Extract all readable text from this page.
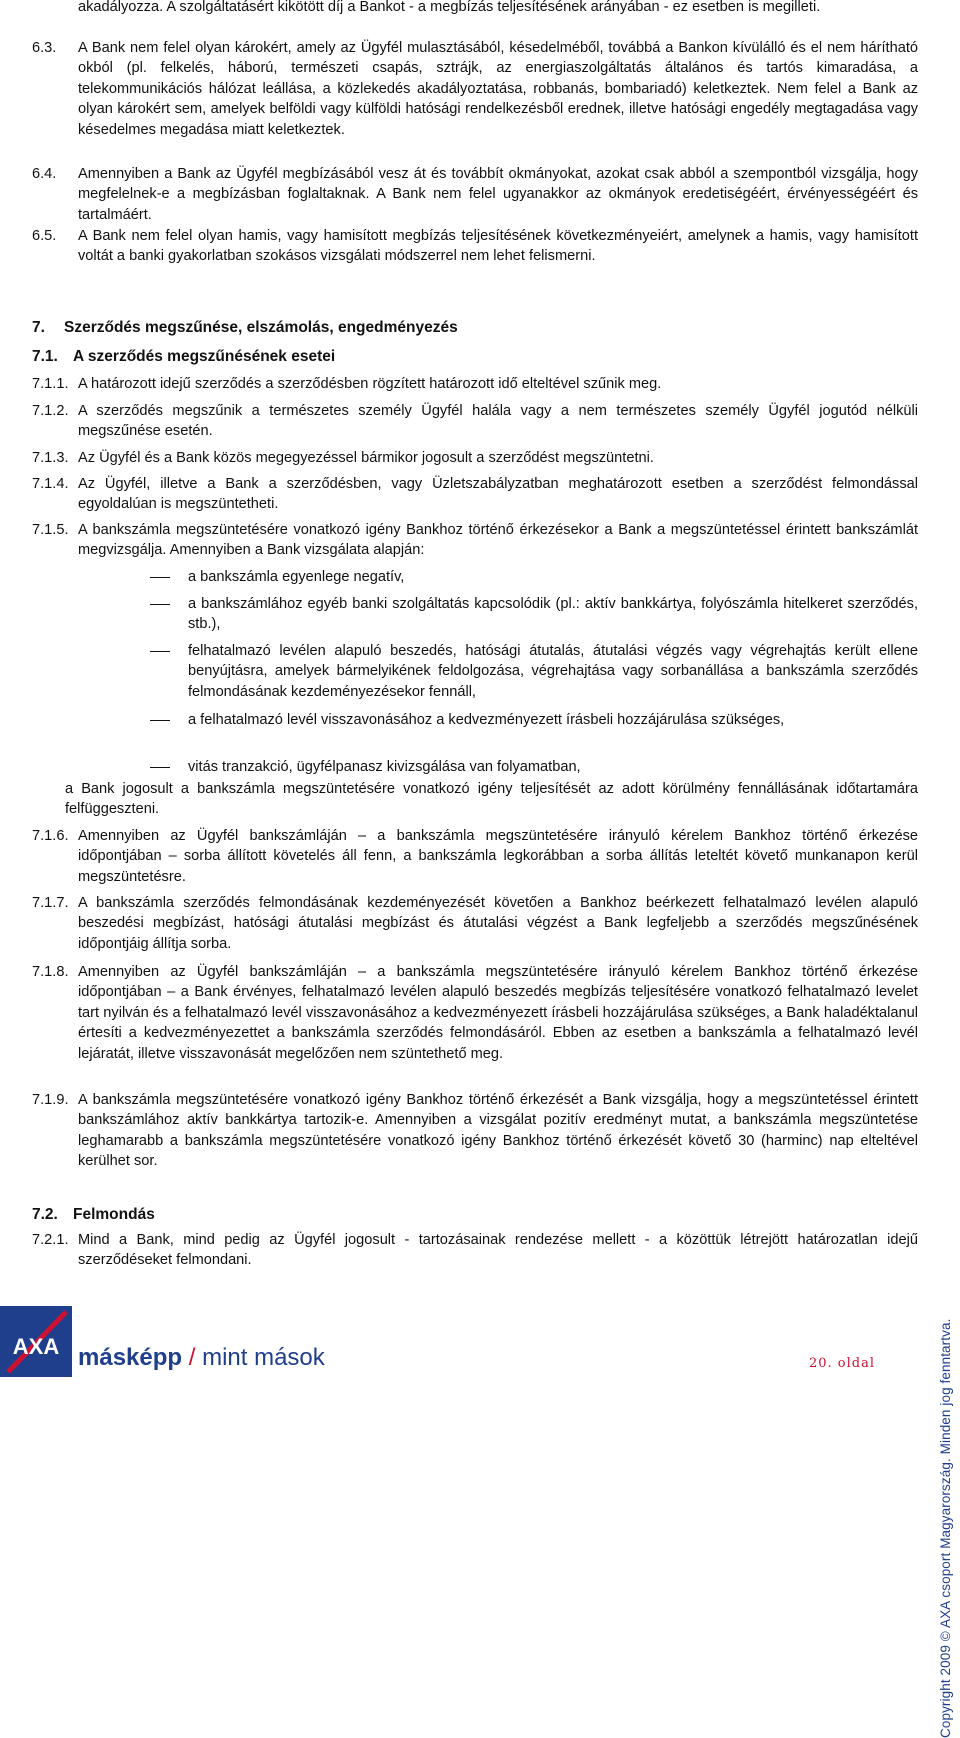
akadályozza. A szolgáltatásért kikötött díj a Bankot - a megbízás teljesítésének arányában - ez esetben is megilleti.
6.3. A Bank nem felel olyan károkért, amely az Ügyfél mulasztásából, késedelméből, továbbá a Bankon kívülálló és el nem hárítható okból (pl. felkelés, háború, természeti csapás, sztrájk, az energiaszolgáltatás általános és tartós kimaradása, a telekommunikációs hálózat leállása, a közlekedés akadályoztatása, robbanás, bombariadó) keletkeztek. Nem felel a Bank az olyan károkért sem, amelyek belföldi vagy külföldi hatósági rendelkezésből erednek, illetve hatósági engedély megtagadása vagy késedelmes megadása miatt keletkeztek.
6.4. Amennyiben a Bank az Ügyfél megbízásából vesz át és továbbít okmányokat, azokat csak abból a szempontból vizsgálja, hogy megfelelnek-e a megbízásban foglaltaknak. A Bank nem felel ugyanakkor az okmányok eredetiségéért, érvényességéért és tartalmáért.
6.5. A Bank nem felel olyan hamis, vagy hamisított megbízás teljesítésének következményeiért, amelynek a hamis, vagy hamisított voltát a banki gyakorlatban szokásos vizsgálati módszerrel nem lehet felismerni.
7. Szerződés megszűnése, elszámolás, engedményezés
7.1. A szerződés megszűnésének esetei
7.1.1. A határozott idejű szerződés a szerződésben rögzített határozott idő elteltével szűnik meg.
7.1.2. A szerződés megszűnik a természetes személy Ügyfél halála vagy a nem természetes személy Ügyfél jogutód nélküli megszűnése esetén.
7.1.3. Az Ügyfél és a Bank közös megegyezéssel bármikor jogosult a szerződést megszüntetni.
7.1.4. Az Ügyfél, illetve a Bank a szerződésben, vagy Üzletszabályzatban meghatározott esetben a szerződést felmondással egyoldalúan is megszüntetheti.
7.1.5. A bankszámla megszüntetésére vonatkozó igény Bankhoz történő érkezésekor a Bank a megszüntetéssel érintett bankszámlát megvizsgálja. Amennyiben a Bank vizsgálata alapján:
a bankszámla egyenlege negatív,
a bankszámlához egyéb banki szolgáltatás kapcsolódik (pl.: aktív bankkártya, folyószámla hitelkeret szerződés, stb.),
felhatalmazó levélen alapuló beszedés, hatósági átutalás, átutalási végzés vagy végrehajtás került ellene benyújtásra, amelyek bármelyikének feldolgozása, végrehajtása vagy sorbanállása a bankszámla szerződés felmondásának kezdeményezésekor fennáll,
a felhatalmazó levél visszavonásához a kedvezményezett írásbeli hozzájárulása szükséges,
vitás tranzakció, ügyfélpanasz kivizsgálása van folyamatban,
a Bank jogosult a bankszámla megszüntetésére vonatkozó igény teljesítését az adott körülmény fennállásának időtartamára felfüggeszteni.
7.1.6. Amennyiben az Ügyfél bankszámláján – a bankszámla megszüntetésére irányuló kérelem Bankhoz történő érkezése időpontjában – sorba állított követelés áll fenn, a bankszámla legkorábban a sorba állítás leteltét követő munkanapon kerül megszüntetésre.
7.1.7. A bankszámla szerződés felmondásának kezdeményezését követően a Bankhoz beérkezett felhatalmazó levélen alapuló beszedési megbízást, hatósági átutalási megbízást és átutalási végzést a Bank legfeljebb a szerződés megszűnésének időpontjáig állítja sorba.
7.1.8. Amennyiben az Ügyfél bankszámláján – a bankszámla megszüntetésére irányuló kérelem Bankhoz történő érkezése időpontjában – a Bank érvényes, felhatalmazó levélen alapuló beszedés megbízás teljesítésére vonatkozó felhatalmazó levelet tart nyilván és a felhatalmazó levél visszavonásához a kedvezményezett írásbeli hozzájárulása szükséges, a Bank haladéktalanul értesíti a kedvezményezettet a bankszámla szerződés felmondásáról. Ebben az esetben a bankszámla a felhatalmazó levél lejáratát, illetve visszavonását megelőzően nem szüntethető meg.
7.1.9. A bankszámla megszüntetésére vonatkozó igény Bankhoz történő érkezését a Bank vizsgálja, hogy a megszüntetéssel érintett bankszámlához aktív bankkártya tartozik-e. Amennyiben a vizsgálat pozitív eredményt mutat, a bankszámla megszüntetése leghamarabb a bankszámla megszüntetésére vonatkozó igény Bankhoz történő érkezését követő 30 (harminc) nap elteltével kerülhet sor.
7.2. Felmondás
7.2.1. Mind a Bank, mind pedig az Ügyfél jogosult - tartozásainak rendezése mellett - a közöttük létrejött határozatlan idejű szerződéseket felmondani.
Copyright 2009 © AXA csoport Magyarország. Minden jog fenntartva.
AXA másképp / mint mások	20. oldal
